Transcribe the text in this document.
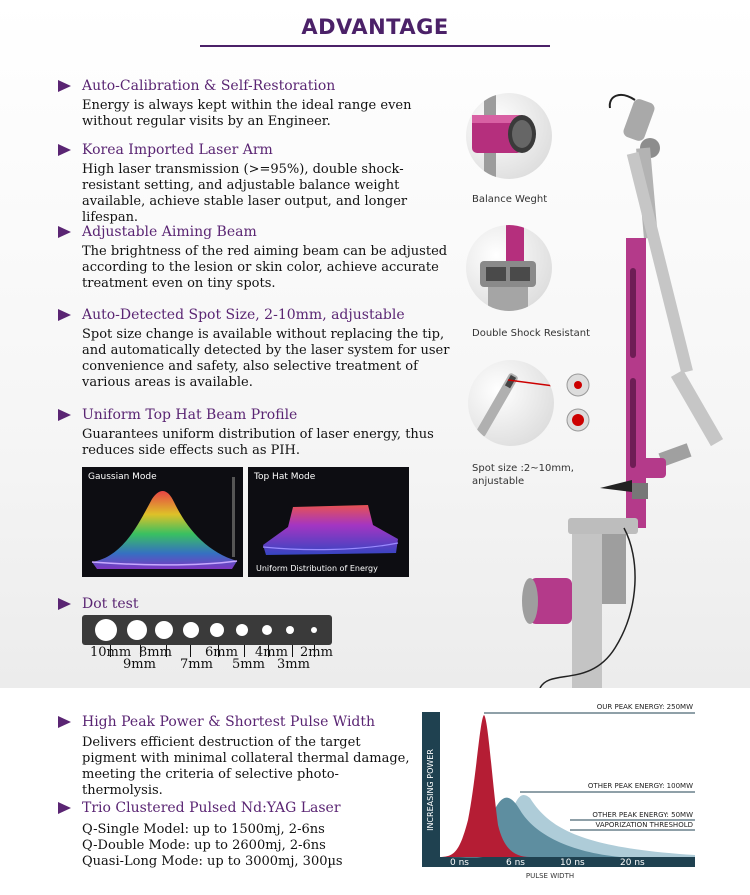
ADVANTAGE
Auto-Calibration & Self-Restoration
Energy is always kept within the ideal range even without regular visits by an Engineer.
Korea Imported Laser Arm
High laser transmission (>=95%), double shock-resistant setting, and adjustable balance weight available, achieve stable laser output, and longer lifespan.
Adjustable Aiming Beam
The brightness of the red aiming beam can be adjusted according to the lesion or skin color, achieve accurate treatment even on tiny spots.
Auto-Detected Spot Size, 2-10mm, adjustable
Spot size change is available without replacing the tip, and automatically detected by the laser system for user convenience and safety, also selective treatment of various areas is available.
Uniform Top Hat Beam Profile
Guarantees uniform distribution of laser energy, thus reduces side effects such as PIH.
Gaussian Mode	Top Hat Mode
Uniform Distribution of Energy
Dot test
10mm 8mm	6mm 4mm 2mm
9mm 7mm 5mm 3mm
Balance Weght
Double Shock Resistant
Spot size :2~10mm,
anjustable
High Peak Power & Shortest Pulse Width
Delivers efficient destruction of the target pigment with minimal collateral thermal damage, meeting the criteria of selective photo-thermolysis.
Trio Clustered Pulsed Nd:YAG Laser
Q-Single Model: up to 1500mj, 2-6ns
Q-Double Mode: up to 2600mj, 2-6ns
Quasi-Long Mode: up to 3000mj, 300µs
INCREASING POWER
OUR PEAK ENERGY: 250MW
OTHER PEAK ENERGY: 100MW
OTHER PEAK ENERGY: 50MW
VAPORIZATION THRESHOLD
0 ns	6 ns	10 ns	20 ns
PULSE WIDTH
